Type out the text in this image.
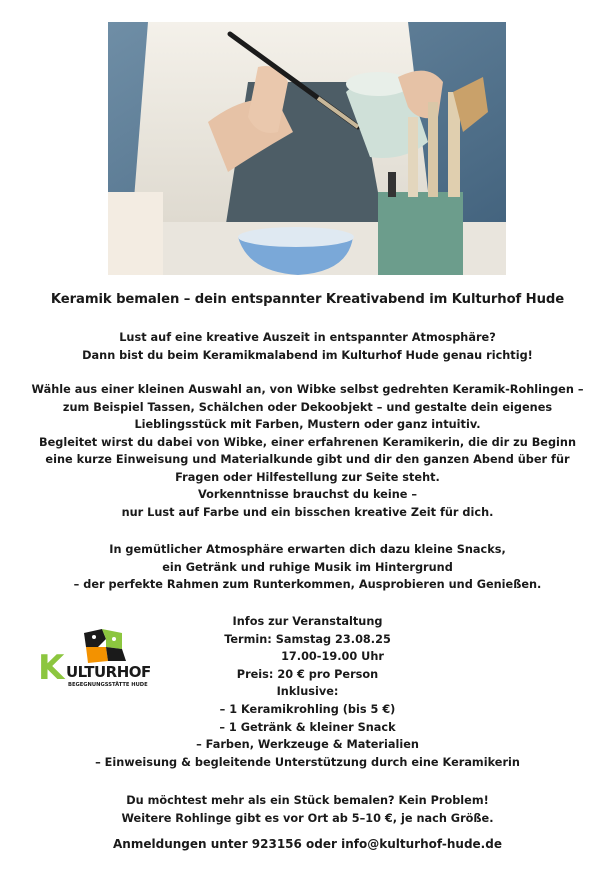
Keramik bemalen – dein entspannter Kreativabend im Kulturhof Hude

Lust auf eine kreative Auszeit in entspannter Atmosphäre?

Dann bist du beim Keramikmalabend im Kulturhof Hude genau richtig!

Wähle aus einer kleinen Auswahl an, von Wibke selbst gedrehten Keramik-Rohlingen –

zum Beispiel Tassen, Schälchen oder Dekoobjekt – und gestalte dein eigenes

Lieblingsstück mit Farben, Mustern oder ganz intuitiv.

Begleitet wirst du dabei von Wibke, einer erfahrenen Keramikerin, die dir zu Beginn

eine kurze Einweisung und Materialkunde gibt und dir den ganzen Abend über für

Fragen oder Hilfestellung zur Seite steht.

Vorkenntnisse brauchst du keine –

nur Lust auf Farbe und ein bisschen kreative Zeit für dich.

In gemütlicher Atmosphäre erwarten dich dazu kleine Snacks,

ein Getränk und ruhige Musik im Hintergrund

– der perfekte Rahmen zum Runterkommen, Ausprobieren und Genießen.

Infos zur Veranstaltung

Termin: Samstag 23.08.25

17.00-19.00 Uhr

Preis: 20 € pro Person

Inklusive:

– 1 Keramikrohling (bis 5 €)

– 1 Getränk & kleiner Snack

– Farben, Werkzeuge & Materialien

– Einweisung & begleitende Unterstützung durch eine Keramikerin

Du möchtest mehr als ein Stück bemalen? Kein Problem!

Weitere Rohlinge gibt es vor Ort ab 5–10 €, je nach Größe.

Anmeldungen unter 923156 oder info@kulturhof-hude.de
K ULTURHOF
BEGEGNUNGSSTÄTTE HUDE
